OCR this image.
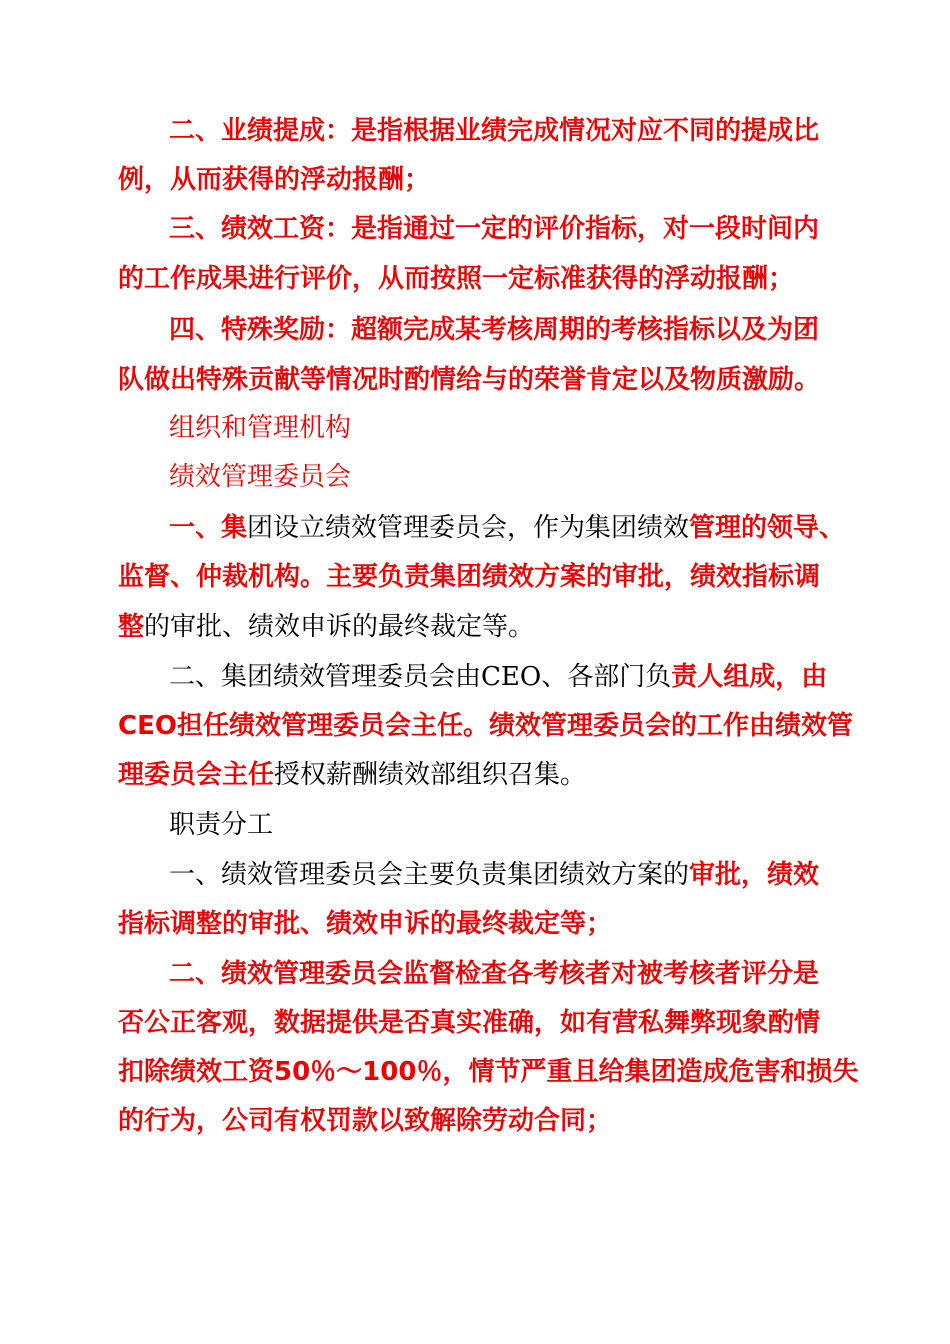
二、业绩提成：是指根据业绩完成情况对应不同的提成比
例，从而获得的浮动报酬；
三、绩效工资：是指通过一定的评价指标，对一段时间内
的工作成果进行评价，从而按照一定标准获得的浮动报酬；
四、特殊奖励：超额完成某考核周期的考核指标以及为团
队做出特殊贡献等情况时酌情给与的荣誉肯定以及物质激励。
组织和管理机构
绩效管理委员会
一、集团设立绩效管理委员会，作为集团绩效管理的领导、
监督、仲裁机构。主要负责集团绩效方案的审批，绩效指标调
整的审批、绩效申诉的最终裁定等。
二、集团绩效管理委员会由CEO、各部门负责人组成，由
CEO担任绩效管理委员会主任。绩效管理委员会的工作由绩效管
理委员会主任授权薪酬绩效部组织召集。
职责分工
一、绩效管理委员会主要负责集团绩效方案的审批，绩效
指标调整的审批、绩效申诉的最终裁定等；
二、绩效管理委员会监督检查各考核者对被考核者评分是
否公正客观，数据提供是否真实准确，如有营私舞弊现象酌情
扣除绩效工资50％～100％，情节严重且给集团造成危害和损失
的行为，公司有权罚款以致解除劳动合同；
